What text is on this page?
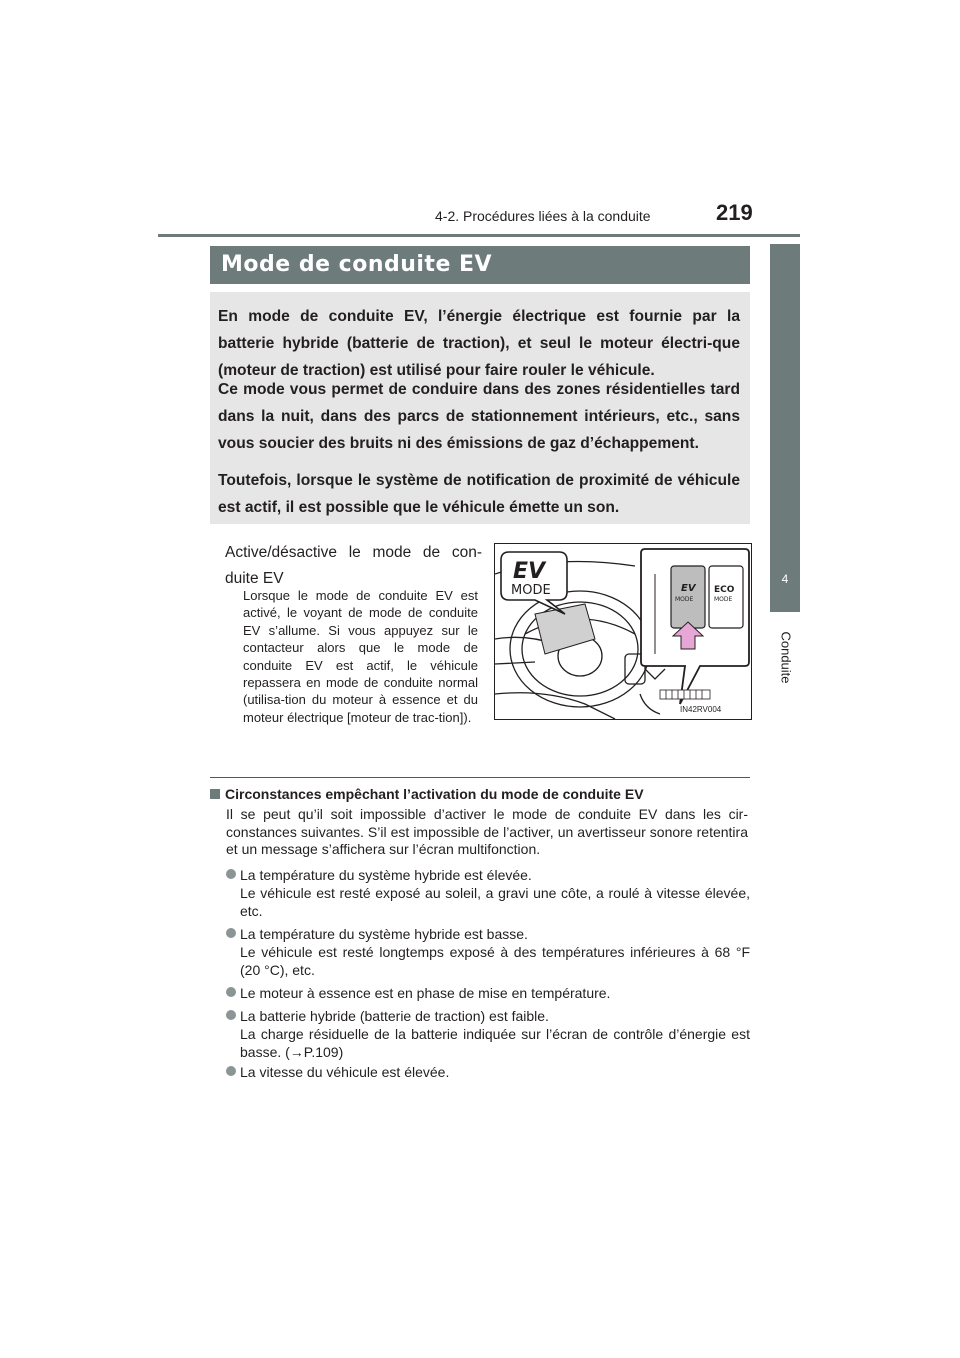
4-2. Procédures liées à la conduite	219
4
Conduite
Mode de conduite EV
En mode de conduite EV, l’énergie électrique est fournie par la batterie hybride (batterie de traction), et seul le moteur électri-que (moteur de traction) est utilisé pour faire rouler le véhicule.
Ce mode vous permet de conduire dans des zones résidentielles tard dans la nuit, dans des parcs de stationnement intérieurs, etc., sans vous soucier des bruits ni des émissions de gaz d’échappement.
Toutefois, lorsque le système de notification de proximité de véhicule est actif, il est possible que le véhicule émette un son.
Active/désactive le mode de con-duite EV
Lorsque le mode de conduite EV est activé, le voyant de mode de conduite EV s’allume. Si vous appuyez sur le contacteur alors que le mode de conduite EV est actif, le véhicule repassera en mode de conduite normal (utilisa-tion du moteur à essence et du moteur électrique [moteur de trac-tion]).
EV
MODE	EV
MODE
ECO
MODE
IN42RV004
Circonstances empêchant l’activation du mode de conduite EV
Il se peut qu’il soit impossible d’activer le mode de conduite EV dans les cir-constances suivantes. S’il est impossible de l’activer, un avertisseur sonore retentira et un message s’affichera sur l’écran multifonction.
La température du système hybride est élevée.
Le véhicule est resté exposé au soleil, a gravi une côte, a roulé à vitesse élevée, etc.
La température du système hybride est basse.
Le véhicule est resté longtemps exposé à des températures inférieures à 68 °F (20 °C), etc.
Le moteur à essence est en phase de mise en température.
La batterie hybride (batterie de traction) est faible.
La charge résiduelle de la batterie indiquée sur l’écran de contrôle d’énergie est basse. (→P.109)
La vitesse du véhicule est élevée.
